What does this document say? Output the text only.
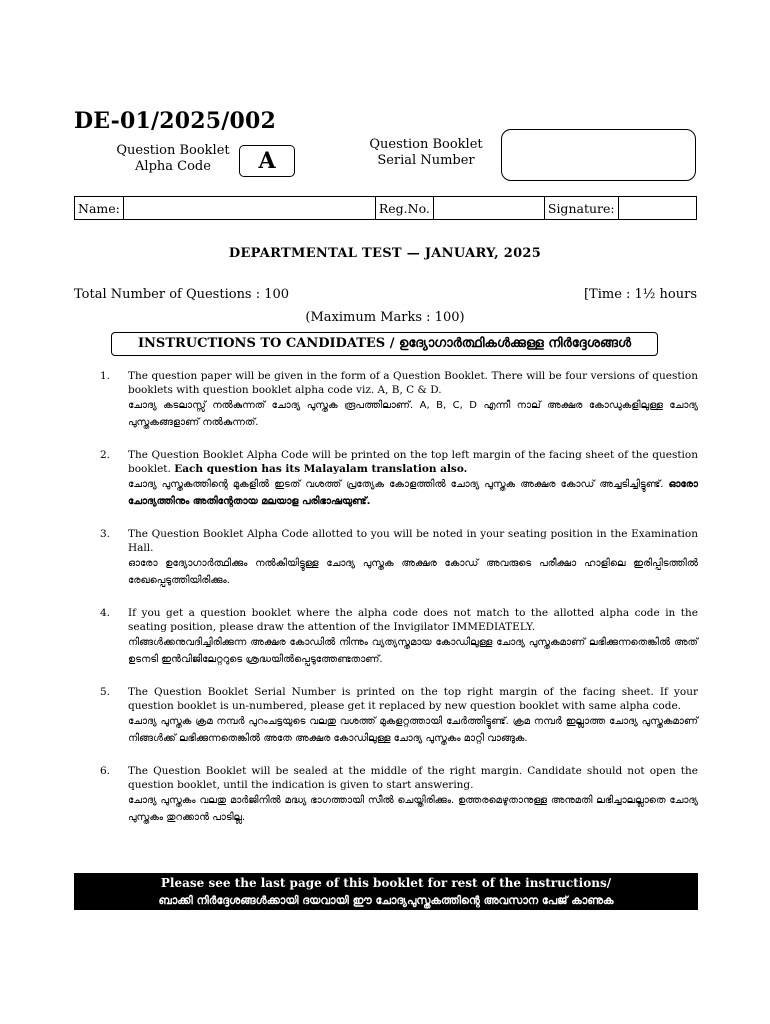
DE-01/2025/002
Question Booklet
Alpha Code	A
Question Booklet
Serial Number
Name:		Reg.No.		Signature:	
DEPARTMENTAL TEST — JANUARY, 2025
Total Number of Questions : 100	[Time : 1½ hours
(Maximum Marks : 100)
INSTRUCTIONS TO CANDIDATES / ഉദ്യോഗാർത്ഥികൾക്കുള്ള നിർദ്ദേശങ്ങൾ
1. The question paper will be given in the form of a Question Booklet. There will be four versions of question booklets with question booklet alpha code viz. A, B, C & D.
ചോദ്യ കടലാസ്സ് നൽകുന്നത് ചോദ്യ പുസ്തക രൂപത്തിലാണ്. A, B, C, D എന്നീ നാല് അക്ഷര കോഡുകളിലുള്ള ചോദ്യ പുസ്തകങ്ങളാണ് നൽകുന്നത്.
2. The Question Booklet Alpha Code will be printed on the top left margin of the facing sheet of the question booklet. Each question has its Malayalam translation also.
ചോദ്യ പുസ്തകത്തിന്റെ മുകളിൽ ഇടത് വശത്ത് പ്രത്യേക കോളത്തിൽ ചോദ്യ പുസ്തക അക്ഷര കോഡ് അച്ചടിച്ചിട്ടുണ്ട്. ഓരോ ചോദ്യത്തിനും അതിന്റേതായ മലയാള പരിഭാഷയുണ്ട്.
3. The Question Booklet Alpha Code allotted to you will be noted in your seating position in the Examination Hall.
ഓരോ ഉദ്യോഗാർത്ഥിക്കും നൽകിയിട്ടുള്ള ചോദ്യ പുസ്തക അക്ഷര കോഡ് അവരുടെ പരീക്ഷാ ഹാളിലെ ഇരിപ്പിടത്തിൽ രേഖപ്പെടുത്തിയിരിക്കും.
4. If you get a question booklet where the alpha code does not match to the allotted alpha code in the seating position, please draw the attention of the Invigilator IMMEDIATELY.
നിങ്ങൾക്കനുവദിച്ചിരിക്കുന്ന അക്ഷര കോഡിൽ നിന്നും വ്യത്യസ്തമായ കോഡിലുള്ള ചോദ്യ പുസ്തകമാണ് ലഭിക്കുന്നതെങ്കിൽ അത് ഉടനടി ഇൻവിജിലേറ്ററുടെ ശ്രദ്ധയിൽപ്പെടുത്തേണ്ടതാണ്.
5. The Question Booklet Serial Number is printed on the top right margin of the facing sheet. If your question booklet is un-numbered, please get it replaced by new question booklet with same alpha code.
ചോദ്യ പുസ്തക ക്രമ നമ്പർ പുറംചട്ടയുടെ വലതു വശത്ത് മുകളറ്റത്തായി ചേർത്തിട്ടുണ്ട്. ക്രമ നമ്പർ ഇല്ലാത്ത ചോദ്യ പുസ്തകമാണ് നിങ്ങൾക്ക് ലഭിക്കുന്നതെങ്കിൽ അതേ അക്ഷര കോഡിലുള്ള ചോദ്യ പുസ്തകം മാറ്റി വാങ്ങുക.
6. The Question Booklet will be sealed at the middle of the right margin. Candidate should not open the question booklet, until the indication is given to start answering.
ചോദ്യ പുസ്തകം വലതു മാർജിനിൽ മദ്ധ്യ ഭാഗത്തായി സീൽ ചെയ്തിരിക്കും. ഉത്തരമെഴുതാനുള്ള അനുമതി ലഭിച്ചാലല്ലാതെ ചോദ്യ പുസ്തകം തുറക്കാൻ പാടില്ല.
Please see the last page of this booklet for rest of the instructions/
ബാക്കി നിർദ്ദേശങ്ങൾക്കായി ദയവായി ഈ ചോദ്യപുസ്തകത്തിന്റെ അവസാന പേജ് കാണുക
